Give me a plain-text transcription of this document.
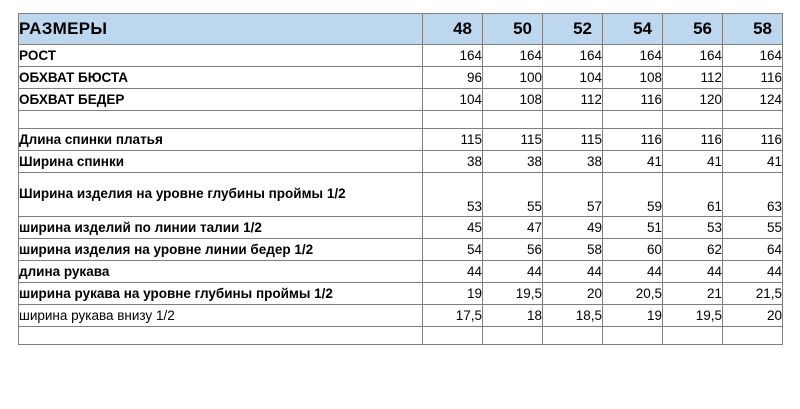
РАЗМЕРЫ	48	50	52	54	56	58
РОСТ	164	164	164	164	164	164
ОБХВАТ БЮСТА	96	100	104	108	112	116
ОБХВАТ БЕДЕР	104	108	112	116	120	124

Длина спинки платья	115	115	115	116	116	116
Ширина спинки	38	38	38	41	41	41
Ширина изделия на уровне глубины проймы 1/2	53	55	57	59	61	63
ширина изделий по линии талии 1/2	45	47	49	51	53	55
ширина изделия на уровне линии бедер 1/2	54	56	58	60	62	64
длина рукава	44	44	44	44	44	44
ширина рукава на уровне глубины проймы 1/2	19	19,5	20	20,5	21	21,5
ширина рукава внизу 1/2	17,5	18	18,5	19	19,5	20
